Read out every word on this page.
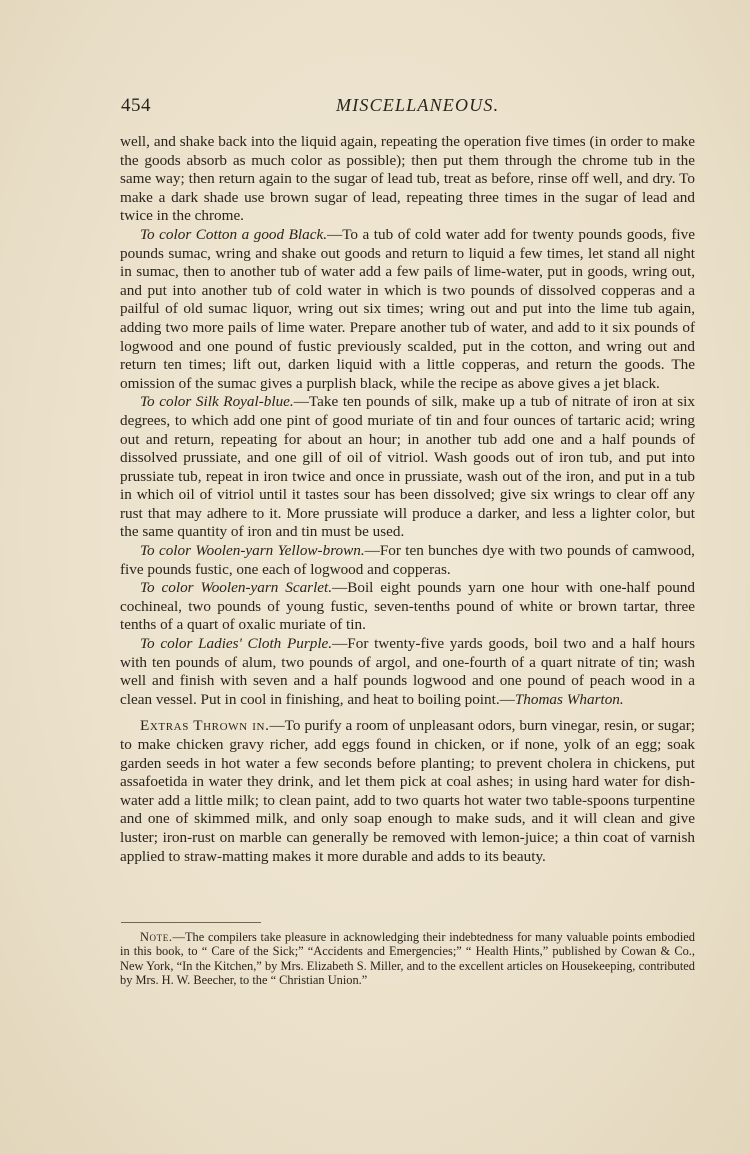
454	MISCELLANEOUS.

well, and shake back into the liquid again, repeating the operation five times (in order to make the goods absorb as much color as possible); then put them through the chrome tub in the same way; then return again to the sugar of lead tub, treat as before, rinse off well, and dry. To make a dark shade use brown sugar of lead, repeating three times in the sugar of lead and twice in the chrome.

To color Cotton a good Black.—To a tub of cold water add for twenty pounds goods, five pounds sumac, wring and shake out goods and return to liquid a few times, let stand all night in sumac, then to another tub of water add a few pails of lime-water, put in goods, wring out, and put into another tub of cold water in which is two pounds of dissolved copperas and a pailful of old sumac liquor, wring out six times; wring out and put into the lime tub again, adding two more pails of lime water. Prepare another tub of water, and add to it six pounds of logwood and one pound of fustic previously scalded, put in the cotton, and wring out and return ten times; lift out, darken liquid with a little copperas, and return the goods. The omission of the sumac gives a purplish black, while the recipe as above gives a jet black.

To color Silk Royal-blue.—Take ten pounds of silk, make up a tub of nitrate of iron at six degrees, to which add one pint of good muriate of tin and four ounces of tartaric acid; wring out and return, repeating for about an hour; in another tub add one and a half pounds of dissolved prussiate, and one gill of oil of vitriol. Wash goods out of iron tub, and put into prussiate tub, repeat in iron twice and once in prussiate, wash out of the iron, and put in a tub in which oil of vitriol until it tastes sour has been dissolved; give six wrings to clear off any rust that may adhere to it. More prussiate will produce a darker, and less a lighter color, but the same quantity of iron and tin must be used.

To color Woolen-yarn Yellow-brown.—For ten bunches dye with two pounds of camwood, five pounds fustic, one each of logwood and copperas.

To color Woolen-yarn Scarlet.—Boil eight pounds yarn one hour with one-half pound cochineal, two pounds of young fustic, seven-tenths pound of white or brown tartar, three tenths of a quart of oxalic muriate of tin.

To color Ladies' Cloth Purple.—For twenty-five yards goods, boil two and a half hours with ten pounds of alum, two pounds of argol, and one-fourth of a quart nitrate of tin; wash well and finish with seven and a half pounds logwood and one pound of peach wood in a clean vessel. Put in cool in finishing, and heat to boiling point.—Thomas Wharton.

Extras Thrown in.—To purify a room of unpleasant odors, burn vinegar, resin, or sugar; to make chicken gravy richer, add eggs found in chicken, or if none, yolk of an egg; soak garden seeds in hot water a few seconds before planting; to prevent cholera in chickens, put assafoetida in water they drink, and let them pick at coal ashes; in using hard water for dish-water add a little milk; to clean paint, add to two quarts hot water two table-spoons turpentine and one of skimmed milk, and only soap enough to make suds, and it will clean and give luster; iron-rust on marble can generally be removed with lemon-juice; a thin coat of varnish applied to straw-matting makes it more durable and adds to its beauty.

Note.—The compilers take pleasure in acknowledging their indebtedness for many valuable points embodied in this book, to “ Care of the Sick;” “Accidents and Emergencies;” “ Health Hints,” published by Cowan & Co., New York, “In the Kitchen,” by Mrs. Elizabeth S. Miller, and to the excellent articles on Housekeeping, contributed by Mrs. H. W. Beecher, to the “ Christian Union.”
